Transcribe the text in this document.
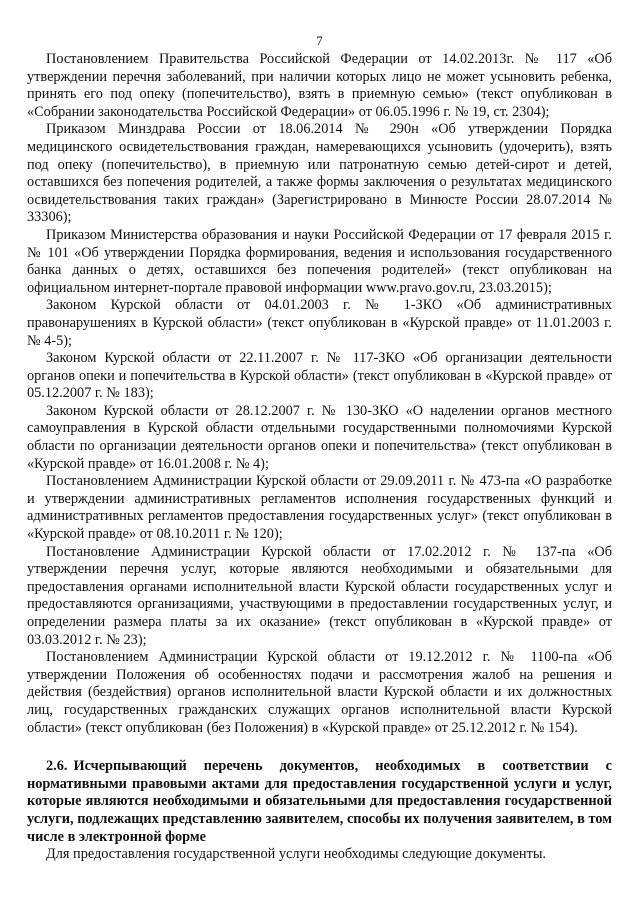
7

Постановлением Правительства Российской Федерации от 14.02.2013г. № 117 «Об утверждении перечня заболеваний, при наличии которых лицо не может усыновить ребенка, принять его под опеку (попечительство), взять в приемную семью» (текст опубликован в «Собрании законодательства Российской Федерации» от 06.05.1996 г. № 19, ст. 2304);

Приказом Минздрава России от 18.06.2014 № 290н «Об утверждении Порядка медицинского освидетельствования граждан, намеревающихся усыновить (удочерить), взять под опеку (попечительство), в приемную или патронатную семью детей-сирот и детей, оставшихся без попечения родителей, а также формы заключения о результатах медицинского освидетельствования таких граждан» (Зарегистрировано в Минюсте России 28.07.2014 № 33306);

Приказом Министерства образования и науки Российской Федерации от 17 февраля 2015 г. № 101 «Об утверждении Порядка формирования, ведения и использования государственного банка данных о детях, оставшихся без попечения родителей» (текст опубликован на официальном интернет-портале правовой информации www.pravo.gov.ru, 23.03.2015);

Законом Курской области от 04.01.2003 г. № 1-ЗКО «Об административных правонарушениях в Курской области» (текст опубликован в «Курской правде» от 11.01.2003 г. № 4-5);

Законом Курской области от 22.11.2007 г. № 117-ЗКО «Об организации деятельности органов опеки и попечительства в Курской области» (текст опубликован в «Курской правде» от 05.12.2007 г. № 183);

Законом Курской области от 28.12.2007 г. № 130-ЗКО «О наделении органов местного самоуправления в Курской области отдельными государственными полномочиями Курской области по организации деятельности органов опеки и попечительства» (текст опубликован в «Курской правде» от 16.01.2008 г. № 4);

Постановлением Администрации Курской области от 29.09.2011 г. № 473-па «О разработке и утверждении административных регламентов исполнения государственных функций и административных регламентов предоставления государственных услуг» (текст опубликован в «Курской правде» от 08.10.2011 г. № 120);

Постановление Администрации Курской области от 17.02.2012 г. № 137-па «Об утверждении перечня услуг, которые являются необходимыми и обязательными для предоставления органами исполнительной власти Курской области государственных услуг и предоставляются организациями, участвующими в предоставлении государственных услуг, и определении размера платы за их оказание» (текст опубликован в «Курской правде» от 03.03.2012 г. № 23);

Постановлением Администрации Курской области от 19.12.2012 г. № 1100-па «Об утверждении Положения об особенностях подачи и рассмотрения жалоб на решения и действия (бездействия) органов исполнительной власти Курской области и их должностных лиц, государственных гражданских служащих органов исполнительной власти Курской области» (текст опубликован (без Положения) в «Курской правде» от 25.12.2012 г. № 154).

2.6. Исчерпывающий перечень документов, необходимых в соответствии с нормативными правовыми актами для предоставления государственной услуги и услуг, которые являются необходимыми и обязательными для предоставления государственной услуги, подлежащих представлению заявителем, способы их получения заявителем, в том числе в электронной форме

Для предоставления государственной услуги необходимы следующие документы.
